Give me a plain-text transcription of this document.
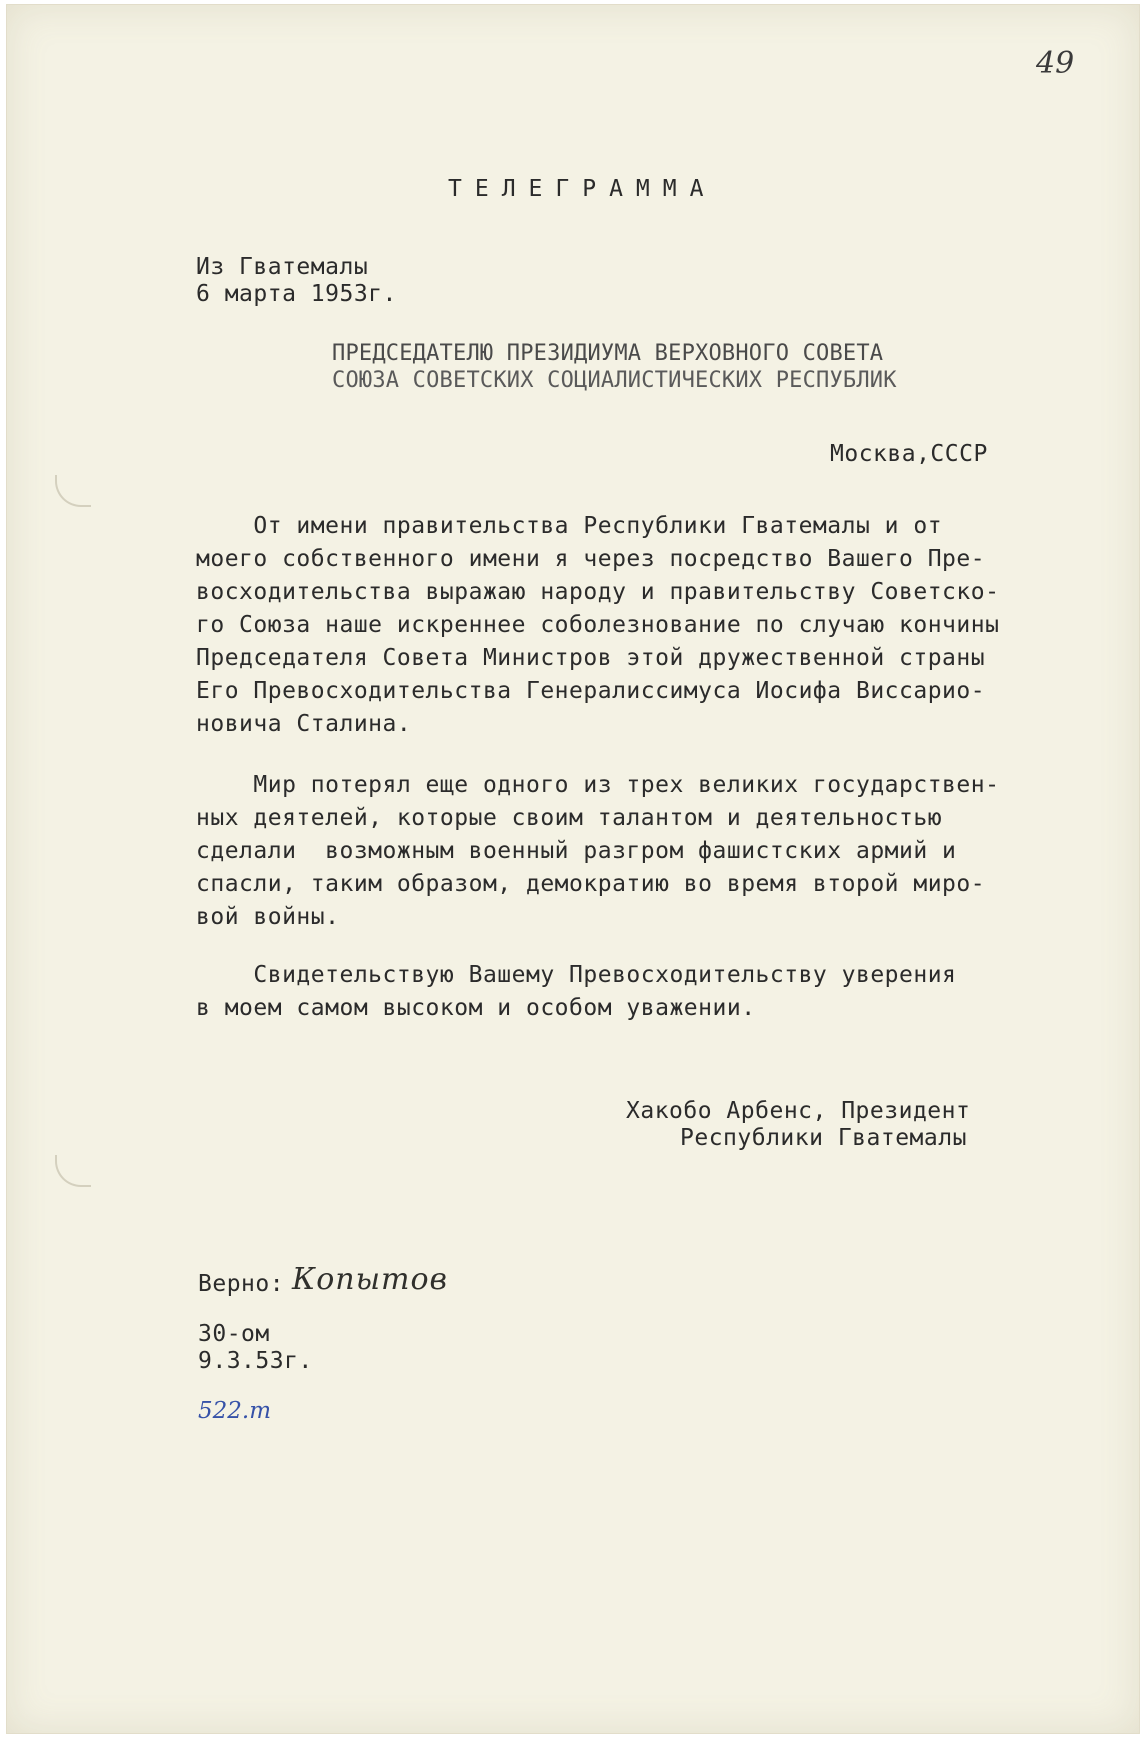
49
ТЕЛЕГРАММА
Из Гватемалы
6 марта 1953г.
ПРЕДСЕДАТЕЛЮ ПРЕЗИДИУМА ВЕРХОВНОГО СОВЕТА
СОЮЗА СОВЕТСКИХ СОЦИАЛИСТИЧЕСКИХ РЕСПУБЛИК
Москва,СССР
От имени правительства Республики Гватемалы и от
моего собственного имени я через посредство Вашего Пре-
восходительства выражаю народу и правительству Советско-
го Союза наше искреннее соболезнование по случаю кончины
Председателя Совета Министров этой дружественной страны
Его Превосходительства Генералиссимуса Иосифа Виссарио-
новича Сталина.
Мир потерял еще одного из трех великих государствен-
ных деятелей, которые своим талантом и деятельностью
сделали  возможным военный разгром фашистских армий и
спасли, таким образом, демократию во время второй миро-
вой войны.
Свидетельствую Вашему Превосходительству уверения
в моем самом высоком и особом уважении.
Хакобо Арбенс, Президент
Республики Гватемалы
Верно: Копытов
30-ом
9.3.53г.
522.т
